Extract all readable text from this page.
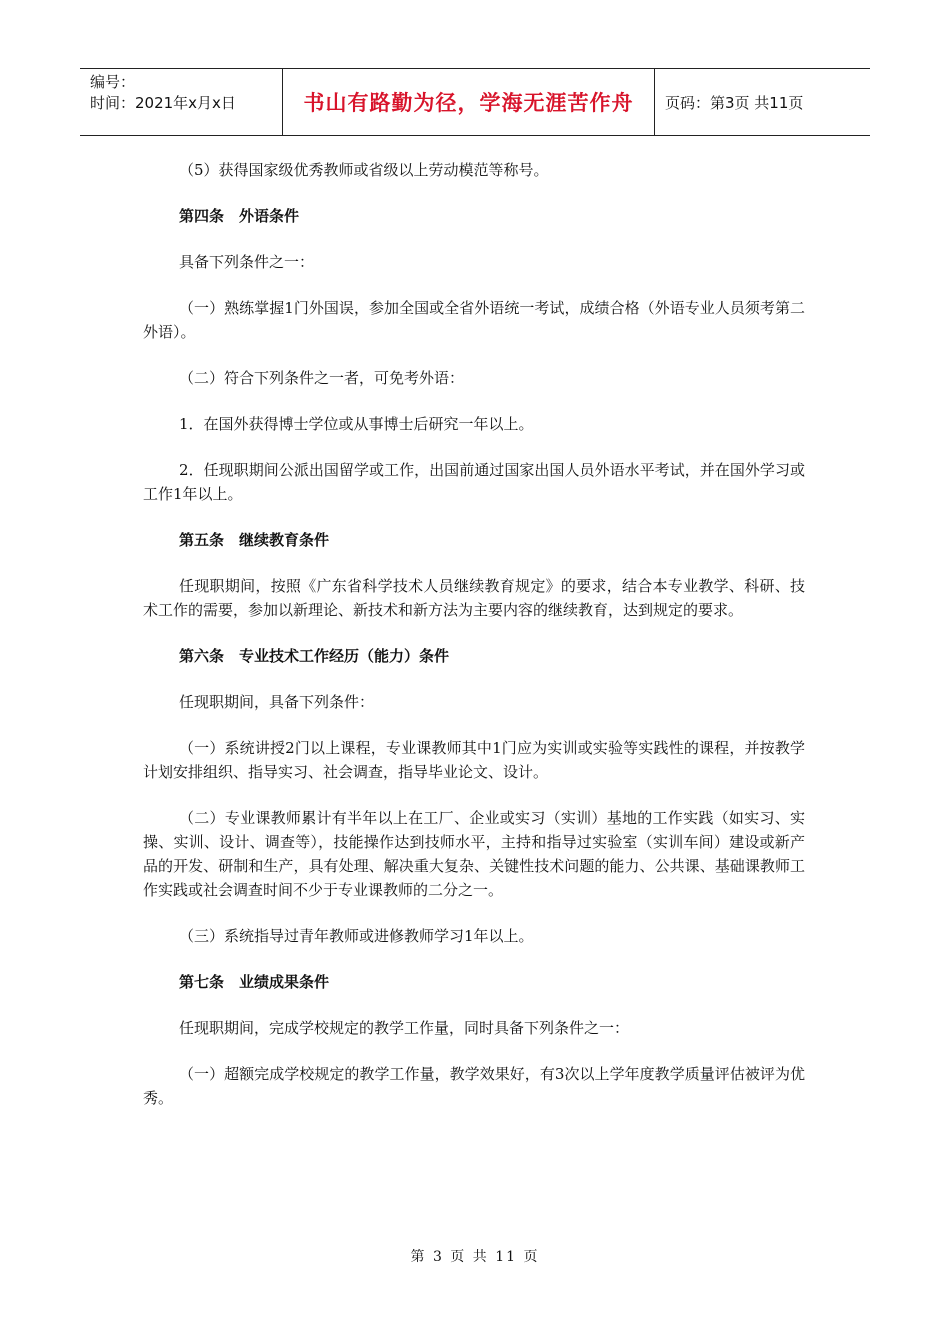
编号：
时间：2021年x月x日	书山有路勤为径，学海无涯苦作舟 页码：第3页 共11页

（5）获得国家级优秀教师或省级以上劳动模范等称号。

第四条　外语条件

具备下列条件之一：

（一）熟练掌握1门外国误，参加全国或全省外语统一考试，成绩合格（外语专业人员须考第二外语）。

（二）符合下列条件之一者，可免考外语：

1．在国外获得博士学位或从事博士后研究一年以上。

2．任现职期间公派出国留学或工作，出国前通过国家出国人员外语水平考试，并在国外学习或工作1年以上。

第五条　继续教育条件

任现职期间，按照《广东省科学技术人员继续教育规定》的要求，结合本专业教学、科研、技术工作的需要，参加以新理论、新技术和新方法为主要内容的继续教育，达到规定的要求。

第六条　专业技术工作经历（能力）条件

任现职期间，具备下列条件：

（一）系统讲授2门以上课程，专业课教师其中1门应为实训或实验等实践性的课程，并按教学计划安排组织、指导实习、社会调查，指导毕业论文、设计。

（二）专业课教师累计有半年以上在工厂、企业或实习（实训）基地的工作实践（如实习、实操、实训、设计、调查等），技能操作达到技师水平，主持和指导过实验室（实训车间）建设或新产品的开发、研制和生产，具有处理、解决重大复杂、关键性技术问题的能力、公共课、基础课教师工作实践或社会调查时间不少于专业课教师的二分之一。

（三）系统指导过青年教师或进修教师学习1年以上。

第七条　业绩成果条件

任现职期间，完成学校规定的教学工作量，同时具备下列条件之一：

（一）超额完成学校规定的教学工作量，教学效果好，有3次以上学年度教学质量评估被评为优秀。

第 3 页 共 11 页
